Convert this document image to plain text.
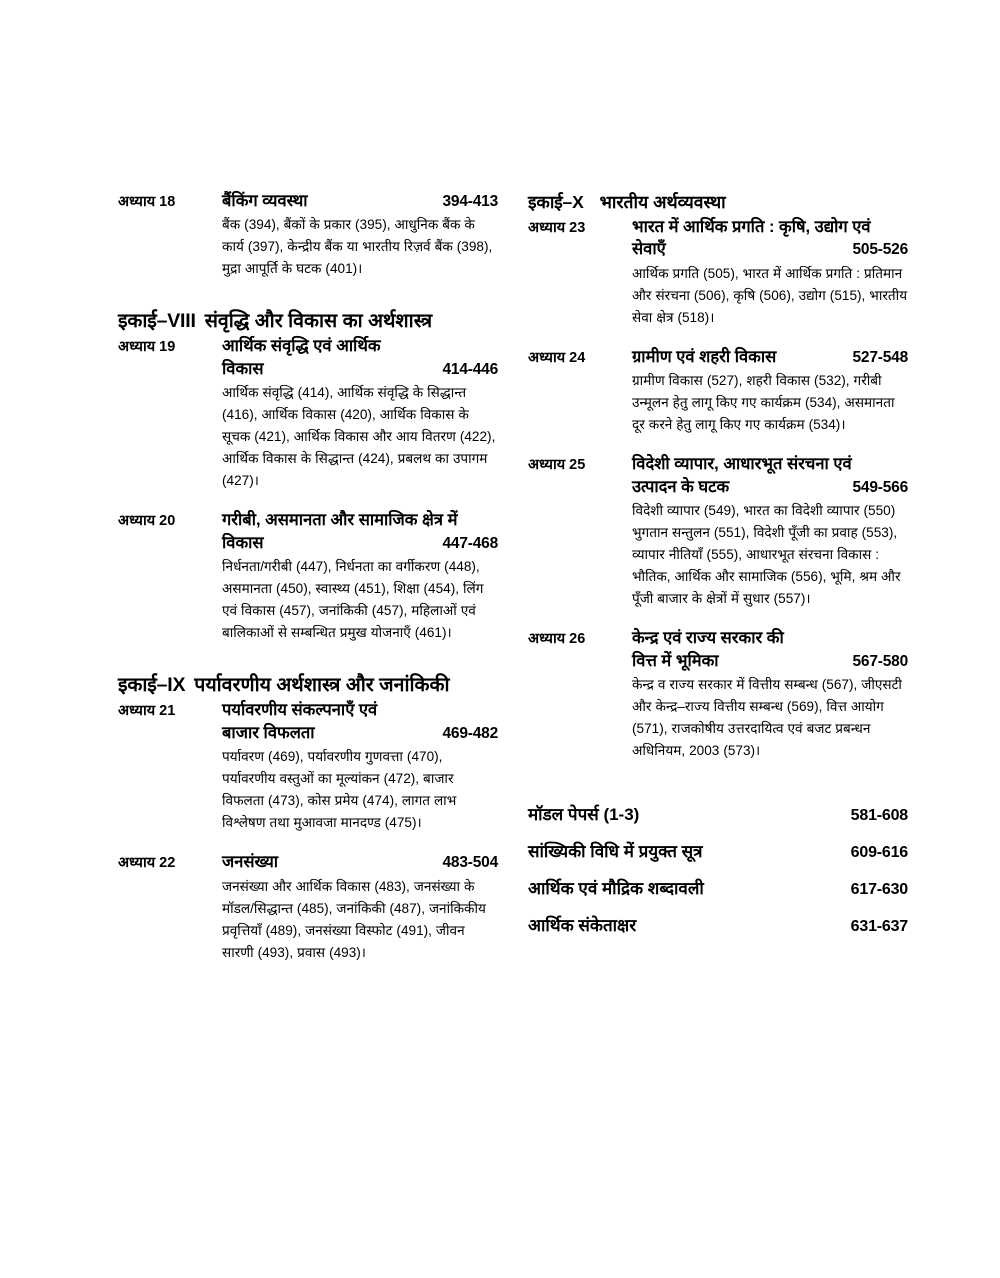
अध्याय 18	बैंकिंग व्यवस्था	394-413
बैंक (394), बैंकों के प्रकार (395), आधुनिक बैंक के कार्य (397), केन्द्रीय बैंक या भारतीय रिज़र्व बैंक (398), मुद्रा आपूर्ति के घटक (401)।
इकाई–VIII संवृद्धि और विकास का अर्थशास्त्र
अध्याय 19	आर्थिक संवृद्धि एवं आर्थिक
विकास	414-446
आर्थिक संवृद्धि (414), आर्थिक संवृद्धि के सिद्धान्त (416), आर्थिक विकास (420), आर्थिक विकास के सूचक (421), आर्थिक विकास और आय वितरण (422), आर्थिक विकास के सिद्धान्त (424), प्रबलथ का उपागम (427)।
अध्याय 20	गरीबी, असमानता और सामाजिक क्षेत्र में
विकास	447-468
निर्धनता/गरीबी (447), निर्धनता का वर्गीकरण (448), असमानता (450), स्वास्थ्य (451), शिक्षा (454), लिंग एवं विकास (457), जनांकिकी (457), महिलाओं एवं बालिकाओं से सम्बन्धित प्रमुख योजनाएँ (461)।
इकाई–IX पर्यावरणीय अर्थशास्त्र और जनांकिकी
अध्याय 21	पर्यावरणीय संकल्पनाएँ एवं
बाजार विफलता	469-482
पर्यावरण (469), पर्यावरणीय गुणवत्ता (470), पर्यावरणीय वस्तुओं का मूल्यांकन (472), बाजार विफलता (473), कोस प्रमेय (474), लागत लाभ विश्लेषण तथा मुआवजा मानदण्ड (475)।
अध्याय 22	जनसंख्या	483-504
जनसंख्या और आर्थिक विकास (483), जनसंख्या के मॉडल/सिद्धान्त (485), जनांकिकी (487), जनांकिकीय प्रवृत्तियाँ (489), जनसंख्या विस्फोट (491), जीवन सारणी (493), प्रवास (493)।
इकाई–X भारतीय अर्थव्यवस्था
अध्याय 23	भारत में आर्थिक प्रगति : कृषि, उद्योग एवं
सेवाएँ	505-526
आर्थिक प्रगति (505), भारत में आर्थिक प्रगति : प्रतिमान और संरचना (506), कृषि (506), उद्योग (515), भारतीय सेवा क्षेत्र (518)।
अध्याय 24	ग्रामीण एवं शहरी विकास	527-548
ग्रामीण विकास (527), शहरी विकास (532), गरीबी उन्मूलन हेतु लागू किए गए कार्यक्रम (534), असमानता दूर करने हेतु लागू किए गए कार्यक्रम (534)।
अध्याय 25	विदेशी व्यापार, आधारभूत संरचना एवं
उत्पादन के घटक	549-566
विदेशी व्यापार (549), भारत का विदेशी व्यापार (550) भुगतान सन्तुलन (551), विदेशी पूँजी का प्रवाह (553), व्यापार नीतियाँ (555), आधारभूत संरचना विकास : भौतिक, आर्थिक और सामाजिक (556), भूमि, श्रम और पूँजी बाजार के क्षेत्रों में सुधार (557)।
अध्याय 26	केन्द्र एवं राज्य सरकार की
वित्त में भूमिका	567-580
केन्द्र व राज्य सरकार में वित्तीय सम्बन्ध (567), जीएसटी और केन्द्र–राज्य वित्तीय सम्बन्ध (569), वित्त आयोग (571), राजकोषीय उत्तरदायित्व एवं बजट प्रबन्धन अधिनियम, 2003 (573)।
मॉडल पेपर्स (1-3)	581-608
सांख्यिकी विधि में प्रयुक्त सूत्र	609-616
आर्थिक एवं मौद्रिक शब्दावली	617-630
आर्थिक संकेताक्षर	631-637
